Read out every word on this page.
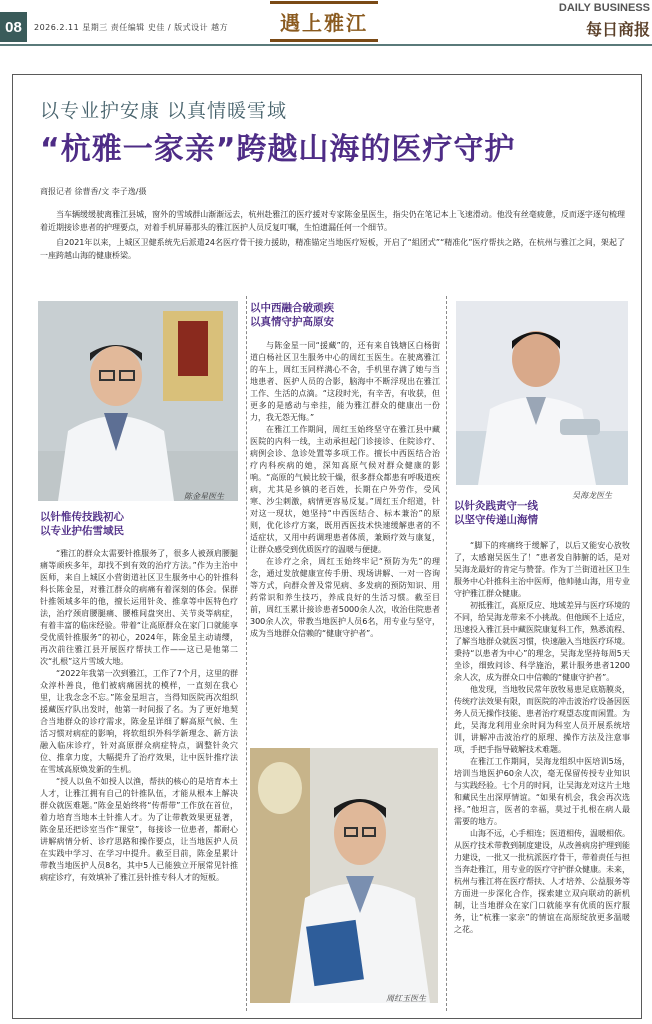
08	2026.2.11 星期三 责任编辑 史佳 / 版式设计 越方	遇上雅江
DAILY BUSINESS
每日商报
以专业护安康 以真情暖雪域
“杭雅一家亲”跨越山海的医疗守护
商报记者 徐曹香/文 李子逸/摄

当车辆缓缓驶离雅江县城，窗外的雪域群山渐渐远去，杭州赴雅江的医疗援对专家陈金星医生，指尖仍在笔记本上飞速滑动。他没有丝毫疲惫，反而逐字逐句梳理着近期接诊患者的护理要点，对着手机屏幕那头的雅江医护人员反复叮嘱，生怕遗漏任何一个细节。

自2021年以来，上城区卫健系统先后派遣24名医疗骨干接力援助，精准锚定当地医疗短板，开启了“組团式”“精准化”医疗帮扶之路，在杭州与雅江之间，架起了一座跨越山海的健康桥梁。

陈金星医生
以针惟传技践初心
以专业护佑雪域民

“雅江的群众太需要针推服务了，很多人被颈肩腰腿痛等顽疾多年，却找不到有效的治疗方法。”作为主治中医师，来自上城区小营街道社区卫生服务中心的针推科科长陈金星，对雅江群众的病痛有着深刻的体会。保群针推领域多年的他，擅长运用针灸、推拿等中医特色疗法，治疗颈肩腰腿痛、腰椎间盘突出、关节炎等病症，有着丰富的临床经验。带着“让高原群众在家门口就能享受优质针推服务”的初心，2024年，陈金星主动请缨，再次前往雅江县开展医疗帮扶工作——这已是他第二次“扎根”这片雪域大地。

“2022年我第一次到雅江，工作了7个月，这里的群众淳朴善良，他们被病痛困扰的模样，一直刻在我心里，让我念念不忘。”陈金星坦言，当得知医院再次组织援藏医疗队出发时，他第一时间报了名。为了更好地契合当地群众的诊疗需求，陈金星详细了解高原气候、生活习惯对病症的影响，将软组织外科学新理念、新方法融入临床诊疗，针对高原群众病症特点，调整针灸穴位、推拿力度，大幅提升了治疗效果，让中医针推疗法在雪域高原焕发新的生机。

“授人以鱼不如授人以渔，帮扶的核心的是培育本土人才，让雅江拥有自己的针推队伍，才能从根本上解决群众就医难题。”陈金星始终将“传帮带”工作放在首位，着力培育当地本土针推人才。为了让带教效果更显著，陈金星还把诊室当作“课堂”，每接诊一位患者，都耐心讲解病情分析、诊疗思路和操作要点，让当地医护人员在实践中学习、在学习中提升。截至目前，陈金星累计带教当地医护人员8名，其中5人已能独立开展常见针推病症诊疗，有效填补了雅江县针推专科人才的短板。

以中西融合破顽疾
以真情守护高原安

与陈金星一同“援藏”的，还有来自钱塘区白杨街道白杨社区卫生服务中心的周红玉医生。在驶离雅江的车上，周红玉同样满心不舍，手机里存满了她与当地患者、医护人员的合影，脑海中不断浮现出在雅江工作、生活的点滴。“这段时光，有辛苦，有收获，但更多的是感动与牵挂，能为雅江群众的健康出一份力，我无怨无悔。”

在雅江工作期间，周红玉始终坚守在雅江县中藏医院的内科一线，主动承担起门诊接诊、住院诊疗、病例会诊、急诊处置等多项工作。擅长中西医结合治疗内科疾病的她，深知高原气候对群众健康的影响。“高原的气候比较干燥，很多群众都患有呼吸道疾病，尤其是乡镇的老百姓，长期在户外劳作，受风寒、沙尘刺激，病情更容易反复。”周红玉介绍道，针对这一现状，她坚持“中西医结合、标本兼治”的原则，优化诊疗方案，既用西医技术快速缓解患者的不适症状，又用中药调理患者体质，兼顾疗效与康复，让群众感受到优质医疗的温暖与便捷。

在诊疗之余，周红玉始终牢记“预防为先”的理念，通过发放健康宣传手册、现场讲解、一对一咨询等方式，向群众普及常见病、多发病的预防知识、用药常识和养生技巧，养成良好的生活习惯。截至目前，周红玉累计接诊患者5000余人次，收治住院患者300余人次，带教当地医护人员6名，用专业与坚守，成为当地群众信赖的“健康守护者”。

周红玉医生
吴海龙医生
以针灸践责守一线
以坚守传递山海情

“脚下的疼痛终于缓解了，以后又能安心放牧了，太感谢吴医生了！”患者发自肺腑的话，是对吴海龙最好的肯定与赞誉。作为丁兰街道社区卫生服务中心针推科主治中医师，他帅驰山海，用专业守护雅江群众健康。

初抵雅江，高原反应、地域差异与医疗环境的不同，给吴海龙带来不小挑战。但他顾不上适应，迅速投入雅江县中藏医院康复科工作，熟悉流程、了解当地群众就医习惯，快速融入当地医疗环境。秉持“以患者为中心”的理念，吴海龙坚持每周5天坐诊，细致问诊、科学施治，累计服务患者1200余人次，成为群众口中信赖的“健康守护者”。

他发现，当地牧民常年放牧易患足底筋膜炎，传统疗法效果有限，而医院的冲击波治疗设备因医务人员无操作技能、患者治疗观望态度而闲置。为此，吴海龙利用业余时间为科室人员开展系统培训，讲解冲击波治疗的原理、操作方法及注意事项，手把手指导破解技术难题。

在雅江工作期间，吴海龙组织中医培训5场，培训当地医护60余人次，毫无保留传授专业知识与实践经验。七个月的时间，让吴海龙对这片土地和藏民生出深厚情谊。“如果有机会，我会再次选择。”他坦言，医者的幸福，莫过于扎根在病人最需要的地方。

山海不远，心手相连；医道相传，温暖相依。从医疗技术带教到制度建设，从改善病房护理到能力建设，一批又一批杭派医疗骨干，带着责任与担当奔赴雅江，用专业的医疗守护群众健康。未来，杭州与雅江将在医疗帮扶、人才培养、公益服务等方面进一步深化合作，探索建立双向联动的新机制，让当地群众在家门口就能享有优质的医疗服务，让“杭雅一家亲”的情谊在高原绽放更多温暖之花。
